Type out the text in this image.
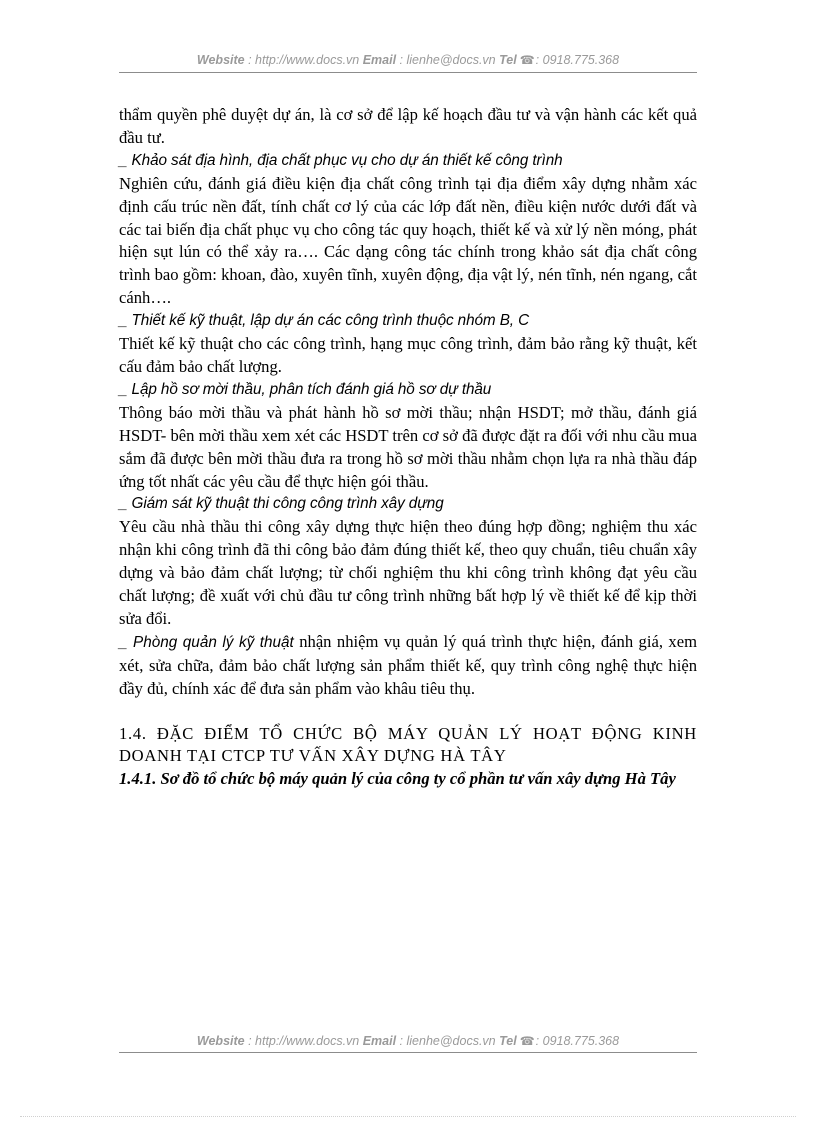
Website : http://www.docs.vn Email : lienhe@docs.vn Tel ☎: 0918.775.368

thẩm quyền phê duyệt dự án, là cơ sở để lập kế hoạch đầu tư và vận hành các kết quả đầu tư.

_ Khảo sát địa hình, địa chất phục vụ cho dự án thiết kế công trình

Nghiên cứu, đánh giá điều kiện địa chất công trình tại địa điểm xây dựng nhằm xác định cấu trúc nền đất, tính chất cơ lý của các lớp đất nền, điều kiện nước dưới đất và các tai biến địa chất phục vụ cho công tác quy hoạch, thiết kế và xử lý nền móng, phát hiện sụt lún có thể xảy ra…. Các dạng công tác chính trong khảo sát địa chất công trình bao gồm: khoan, đào, xuyên tĩnh, xuyên động, địa vật lý, nén tĩnh, nén ngang, cắt cánh….

_ Thiết kế kỹ thuật, lập dự án các công trình thuộc nhóm B, C

Thiết kế kỹ thuật cho các công trình, hạng mục công trình, đảm bảo rằng kỹ thuật, kết cấu đảm bảo chất lượng.

_ Lập hồ sơ mời thầu, phân tích đánh giá hồ sơ dự thầu

Thông báo mời thầu và phát hành hồ sơ mời thầu; nhận HSDT; mở thầu, đánh giá HSDT- bên mời thầu xem xét các HSDT trên cơ sở đã được đặt ra đối với nhu cầu mua sắm đã được bên mời thầu đưa ra trong hồ sơ mời thầu nhằm chọn lựa ra nhà thầu đáp ứng tốt nhất các yêu cầu để thực hiện gói thầu.

_ Giám sát kỹ thuật thi công công trình xây dựng

Yêu cầu nhà thầu thi công xây dựng thực hiện theo đúng hợp đồng; nghiệm thu xác nhận khi công trình đã thi công bảo đảm đúng thiết kế, theo quy chuẩn, tiêu chuẩn xây dựng và bảo đảm chất lượng; từ chối nghiệm thu khi công trình không đạt yêu cầu chất lượng; đề xuất với chủ đầu tư công trình những bất hợp lý về thiết kế để kịp thời sửa đổi.

_ Phòng quản lý kỹ thuật nhận nhiệm vụ quản lý quá trình thực hiện, đánh giá, xem xét, sửa chữa, đảm bảo chất lượng sản phẩm thiết kế, quy trình công nghệ thực hiện đầy đủ, chính xác để đưa sản phẩm vào khâu tiêu thụ.

1.4. ĐẶC ĐIỂM TỔ CHỨC BỘ MÁY QUẢN LÝ HOẠT ĐỘNG KINH DOANH TẠI CTCP TƯ VẤN XÂY DỰNG HÀ TÂY
1.4.1. Sơ đồ tổ chức bộ máy quản lý của công ty cổ phần tư vấn xây dựng Hà Tây
Website : http://www.docs.vn Email : lienhe@docs.vn Tel ☎: 0918.775.368
